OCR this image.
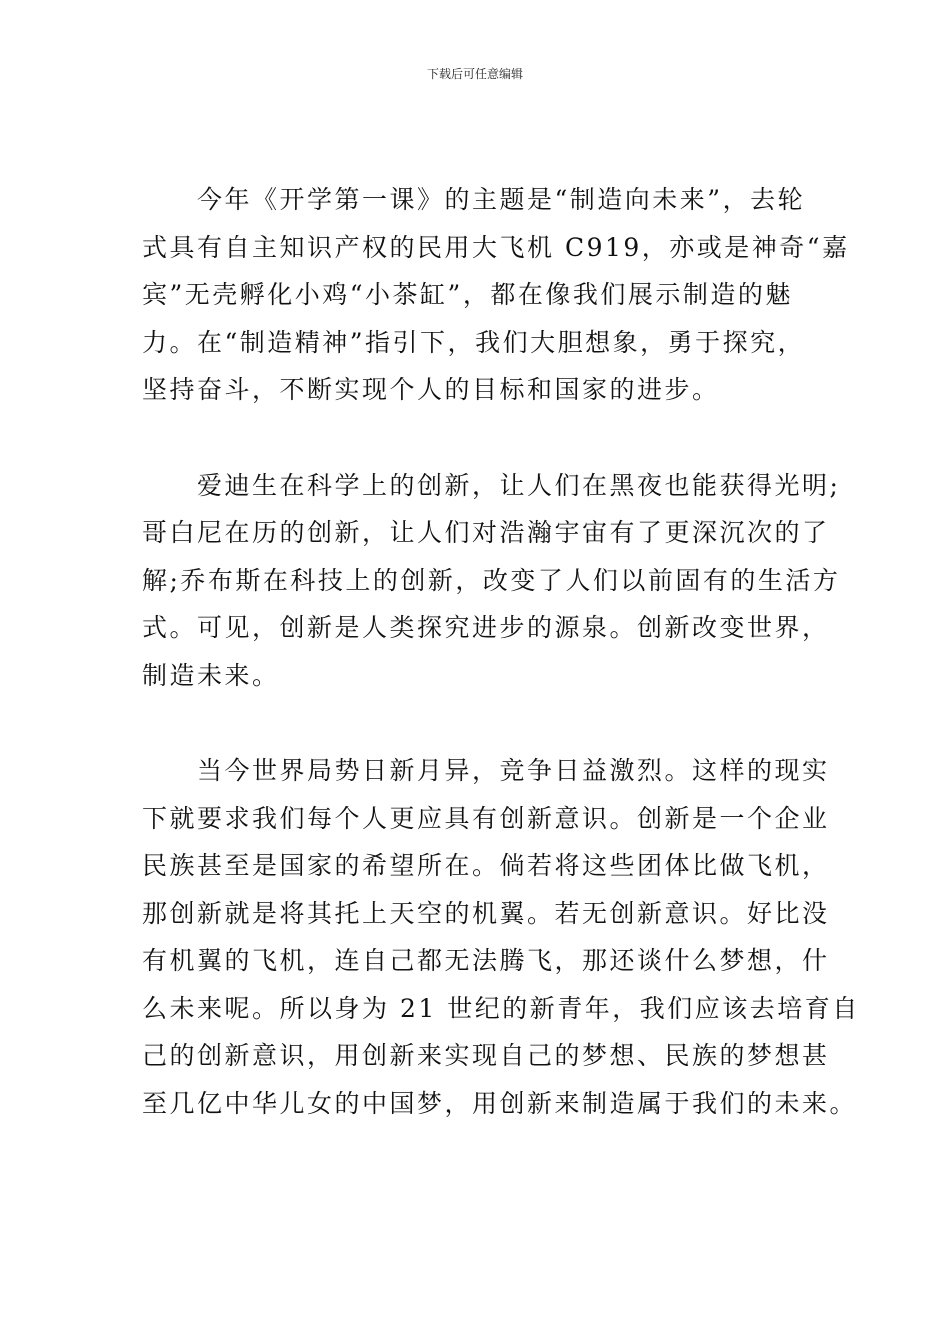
下载后可任意编辑

今年《开学第一课》的主题是“制造向未来”，去轮
式具有自主知识产权的民用大飞机 C919，亦或是神奇“嘉
宾”无壳孵化小鸡“小茶缸”，都在像我们展示制造的魅
力。在“制造精神”指引下，我们大胆想象，勇于探究，
坚持奋斗，不断实现个人的目标和国家的进步。

爱迪生在科学上的创新，让人们在黑夜也能获得光明;
哥白尼在历的创新，让人们对浩瀚宇宙有了更深沉次的了
解;乔布斯在科技上的创新，改变了人们以前固有的生活方
式。可见，创新是人类探究进步的源泉。创新改变世界，
制造未来。

当今世界局势日新月异，竞争日益激烈。这样的现实
下就要求我们每个人更应具有创新意识。创新是一个企业
民族甚至是国家的希望所在。倘若将这些团体比做飞机，
那创新就是将其托上天空的机翼。若无创新意识。好比没
有机翼的飞机，连自己都无法腾飞，那还谈什么梦想，什
么未来呢。所以身为 21 世纪的新青年，我们应该去培育自
己的创新意识，用创新来实现自己的梦想、民族的梦想甚
至几亿中华儿女的中国梦，用创新来制造属于我们的未来。
